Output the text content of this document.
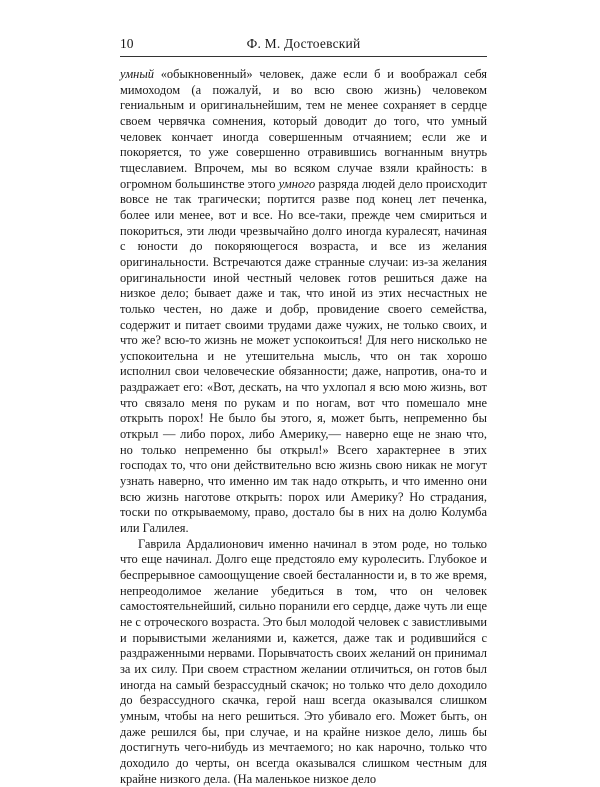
10	Ф. М. Достоевский

умный «обыкновенный» человек, даже если б и воображал себя мимоходом (а пожалуй, и во всю свою жизнь) человеком гениальным и оригинальнейшим, тем не менее сохраняет в сердце своем червячка сомнения, который доводит до того, что умный человек кончает иногда совершенным отчаянием; если же и покоряется, то уже совершенно отравившись вогнанным внутрь тщеславием. Впрочем, мы во всяком случае взяли крайность: в огромном большинстве этого умного разряда людей дело происходит вовсе не так трагически; портится разве под конец лет печенка, более или менее, вот и все. Но все-таки, прежде чем смириться и покориться, эти люди чрезвычайно долго иногда куралесят, начиная с юности до покоряющегося возраста, и все из желания оригинальности. Встречаются даже странные случаи: из-за желания оригинальности иной честный человек готов решиться даже на низкое дело; бывает даже и так, что иной из этих несчастных не только честен, но даже и добр, провидение своего семейства, содержит и питает своими трудами даже чужих, не только своих, и что же? всю-то жизнь не может успокоиться! Для него нисколько не успокоительна и не утешительна мысль, что он так хорошо исполнил свои человеческие обязанности; даже, напротив, она-то и раздражает его: «Вот, дескать, на что ухлопал я всю мою жизнь, вот что связало меня по рукам и по ногам, вот что помешало мне открыть порох! Не было бы этого, я, может быть, непременно бы открыл — либо порох, либо Америку,— наверно еще не знаю что, но только непременно бы открыл!» Всего характернее в этих господах то, что они действительно всю жизнь свою никак не могут узнать наверно, что именно им так надо открыть, и что именно они всю жизнь наготове открыть: порох или Америку? Но страдания, тоски по открываемому, право, достало бы в них на долю Колумба или Галилея.

Гаврила Ардалионович именно начинал в этом роде, но только что еще начинал. Долго еще предстояло ему куролесить. Глубокое и беспрерывное самоощущение своей бесталанности и, в то же время, непреодолимое желание убедиться в том, что он человек самостоятельнейший, сильно поранили его сердце, даже чуть ли еще не с отроческого возраста. Это был молодой человек с завистливыми и порывистыми желаниями и, кажется, даже так и родившийся с раздраженными нервами. Порывчатость своих желаний он принимал за их силу. При своем страстном желании отличиться, он готов был иногда на самый безрассудный скачок; но только что дело доходило до безрассудного скачка, герой наш всегда оказывался слишком умным, чтобы на него решиться. Это убивало его. Может быть, он даже решился бы, при случае, и на крайне низкое дело, лишь бы достигнуть чего-нибудь из мечтаемого; но как нарочно, только что доходило до черты, он всегда оказывался слишком честным для крайне низкого дела. (На маленькое низкое дело
